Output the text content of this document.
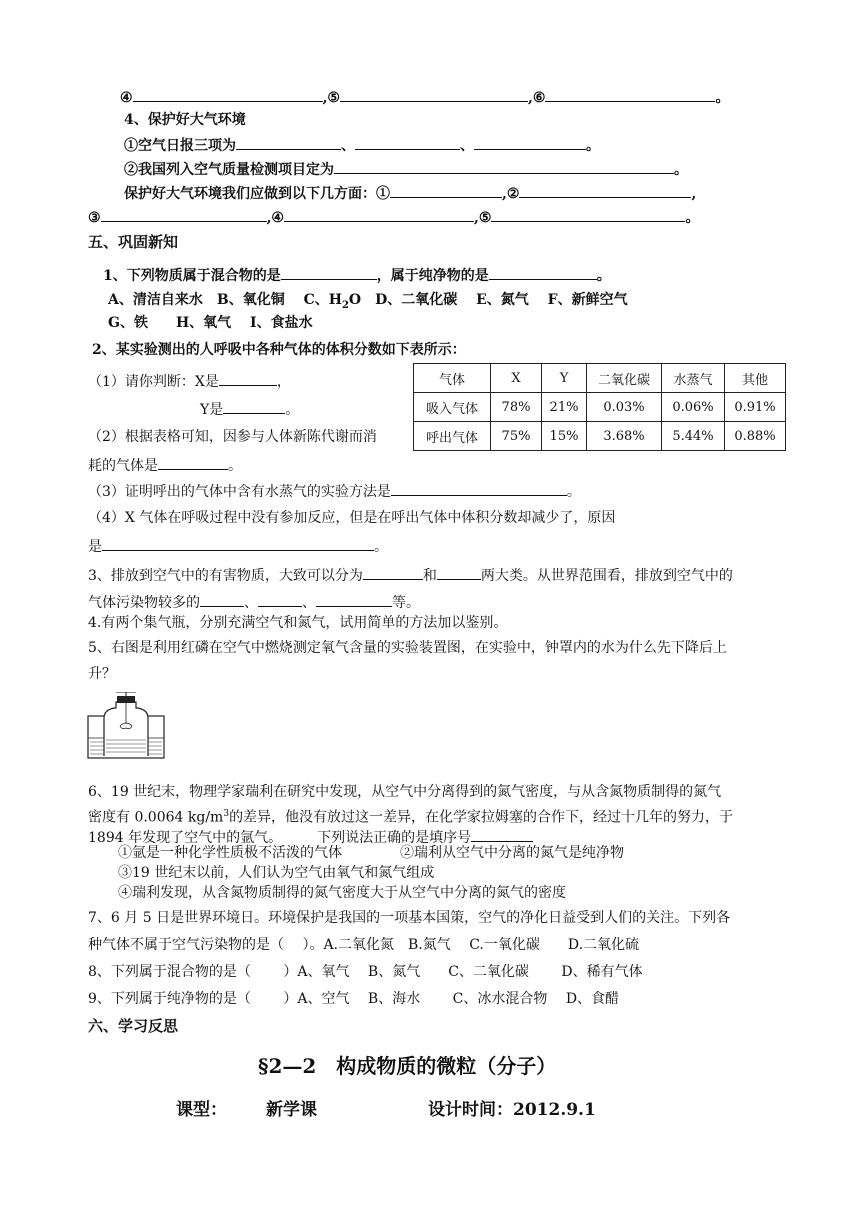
④	,⑤	,⑥	。
4、保护好大气环境
①空气日报三项为	、	、	。
②我国列入空气质量检测项目定为	。
保护好大气环境我们应做到以下几方面：①	,②	,
③	,④	,⑤	。
五、巩固新知
1、下列物质属于混合物的是	，属于纯净物的是	。
A、清洁自来水　B、氧化铜　 C、$H_2O$　D、二氧化碳　 E、氮气　 F、新鲜空气
G、铁　　H、氧气　 I、食盐水
2、某实验测出的人呼吸中各种气体的体积分数如下表所示：
气体	X	Y	二氧化碳	水蒸气	其他
吸入气体	78%	21%	0.03%	0.06%	0.91%
呼出气体	75%	15%	3.68%	5.44%	0.88%
（1）请你判断：X是	，
Y是	。
（2）根据表格可知，因参与人体新陈代谢而消
耗的气体是	。
（3）证明呼出的气体中含有水蒸气的实验方法是	。
（4）X 气体在呼吸过程中没有参加反应，但是在呼出气体中体积分数却减少了，原因
是	。
3、排放到空气中的有害物质，大致可以分为	和	两大类。从世界范围看，排放到空气中的
气体污染物较多的	、	、	等。
4.有两个集气瓶，分别充满空气和氮气，试用简单的方法加以鉴别。
5、右图是利用红磷在空气中燃烧测定氧气含量的实验装置图，在实验中，钟罩内的水为什么先下降后上
升？
6、19 世纪末，物理学家瑞利在研究中发现，从空气中分离得到的氮气密度，与从含氮物质制得的氮气
密度有 0.0064 $kg/m^3$的差异，他没有放过这一差异，在化学家拉姆塞的合作下，经过十几年的努力，于
1894 年发现了空气中的氩气。　　　下列说法正确的是填序号
①氩是一种化学性质极不活泼的气体	②瑞利从空气中分离的氮气是纯净物
③19 世纪末以前，人们认为空气由氧气和氮气组成
④瑞利发现，从含氮物质制得的氮气密度大于从空气中分离的氮气的密度
7、6 月 5 日是世界环境日。环境保护是我国的一项基本国策，空气的净化日益受到人们的关注。下列各
种气体不属于空气污染物的是（　 ）。A.二氧化氮　B.氮气　 C.一氧化碳　　D.二氧化硫
8、下列属于混合物的是（　　 ）A、氧气　 B、氮气　　C、二氧化碳　　 D、稀有气体
9、下列属于纯净物的是（　　 ）A、空气　 B、海水　　 C、冰水混合物　 D、食醋
六、学习反思
§2—2　构成物质的微粒（分子）
课型： 新学课	设计时间：2012.9.1
